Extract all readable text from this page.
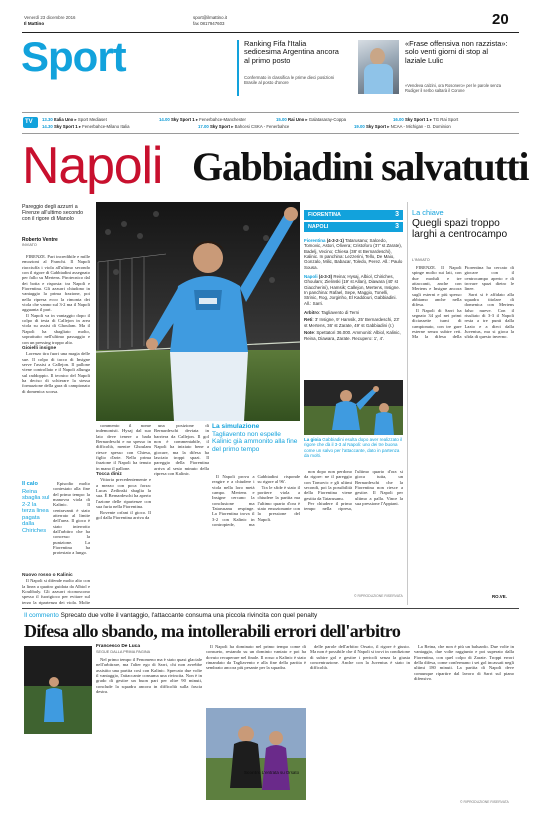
Venerdì 23 dicembre 2016
Il Mattino
sport@ilmattino.it
fax 0817947603	20
Sport	Ranking Fifa l'Italia sedicesima Argentina ancora al primo posto
Confermato in classifica le prime dieci posizioni Brasile al posto d'onore
«Frase offensiva non razzista»: solo venti giorni di stop al laziale Lulic
«Vendeva calzini, ora Rosonero» per le parole senza Rudiger il serbo saltarà il Corone
TV 13.30 Italia Uno ▸ Sport Mediaset	14.00 Sky Sport 1 ▸ Fenerbahce-Manchester	15.00 Rai Uno ▸ Galatasaray-Coppa	16.00 Sky Sport 1 ▸ TG Rai Sport
14.30 Sky Sport 1 ▸ Fenerbahce-Milano Italia	17.00 Sky Sport ▸ Bahcesi CSKA - Fenerbahce	19.00 Sky Sport ▸ NCAA - Michigan - D. Dominion
Napoli Gabbiadini salvatutti
Pareggio degli azzurri a Firenze all'ultimo secondo con il rigore di Manolo
Roberto Ventre
INVIATO

FIRENZE. Pari incredibile e mille emozioni al Franchi. Il Napoli riacciuffa i viola all'ultimo secondo con il rigore di Gabbiadini assegnato per fallo su Mertens. Pirotecnico dal dei botta e risposta: tra Napoli e Fiorentina. Gli azzurri chiudono in vantaggio la prima frazione, poi nella ripresa ecco la rimonta dei viola che vanno sul 3-2 ma il Napoli agguanta il pari.

Il Napoli va in vantaggio dopo il colpo di testa di Callejon in area viola su assist di Ghoulam. Ma il Napoli ha sbagliato molto, soprattutto nell'ultimo passaggio e con un pressing troppo alto.

Gioielli insigne

Lorenzo tira fuori una magia delle sue. Il colpo di tacco di Insigne serve l'assist a Callejon. Il pallone viene controllato e il Napoli allunga sul raddoppio. Il tecnico del Napoli ha deciso di schierare la stessa formazione della gara di campionato di domenica scorsa.

Il calo
Reina sbaglia sul 2-2 la terza linea pagata dalla Chiriches

Episodio molto contestato alla fine del primo tempo: la manovra viola di Kalinic. Il centravanti è stato atterrato al limite dell'area. Il gioco è stato interrotto dall'arbitro che ha concesso la punizione. La Fiorentina ha protestato a lungo.

Nuovo rosso o Kalinic

Il Napoli si difende molto alto con la linea a quattro guidata da Albiol e Koulibaly. Gli azzurri riconoscono spesso il fuorigioco per evitare sul terzo la ripartenza dei viola. Molte

La simulazione
Tagliavento non espelle Kalinic già ammonito alla fine del primo tempo

commento il nome indemonisti. Hysaj dal suo lato deve tenere a bada Bernardeschi e no spesso in difficoltà, mentre Ghoulam riesce spesso con Chiesa, figlio d'arte. Nella prima frazione il Napoli ha tenuto in mano il pallone.

Tocca diniz

Vittoria precedentemente e a mezzo con poca forza: Lucas Zeilinski sbaglia la sua. È Bernardeschi ha aperto l'azione delle ripartenze con sua furia nella Fiorentina.

Rovente orfani il gioco. Il gol dalla Fiorentina arriva da

una posizione di Bernardeschi deviata in barriera da Callejon. Il gol non è commentabile, il Napoli ha iniziato bene a giocare, ma la difesa ha lasciato troppi spazi. Il pareggio della Fiorentina arriva al sesto minuto della ripresa con Kalinic.

Il Napoli prova a reagire e a chiudere i viola nella loro metà campo. Mertens e Insigne cercano la conclusione ma Tatarusanu respinge. La Fiorentina trova il 3-2 con Kalinic in contropiede, ma Gabbiadini risponde su rigore al 96'.

Tra le sfide è stato il portiere viola a chiudere la partita ma l'ultimo quarto d'ora è stato emozionante con la pressione del Napoli.

FIORENTINA	3
NAPOLI	3
Fiorentina (4-3-2-1) Tatarusanu; Salcedo, Tomovic, Astori, Olivera; Cristoforo (37' st Zarate), Badelj, Vecino; Chiesa (38' st Bernardeschi), Kalinic. In panchina: Lezzerini, Tello, De Maio, Gonzalo, Milic, Babacar, Toledo, Perez. All.: Paulo Sousa.
Napoli (4-3-3) Reina; Hysaj, Albiol, Chiriches, Ghoulam; Zielinski (19' st Allan), Diawara (40' st Giaccherini), Hamsik; Callejon, Mertens, Insigne. In panchina: Rafael, Sepe, Maggio, Tonelli, Strinic, Rog, Jorginho, El Kaddouri, Gabbiadini. All.: Sarri.
Arbitro: Tagliavento di Terni
Reti: 3' Insigne, 9' Hamsik, 25' Bernardeschi, 23' st Mertens, 36' st Zarate, 49' st Gabbiadini (r.)
Note: Spettatori 36.000. Ammoniti: Albiol, Kalinic, Reina, Diawara, Zarate. Recupero: 1', 4'.
La gioia Gabbiadini esulta dopo aver realizzato il rigore che dà il 3-3 al Napoli: uno dei tre buona come un salvo per l'attaccante, dato in partenza da molti.

non dopo non perdono da rigore: ne il pareggio con Tomovic e gli ultimi secondi, poi la possibilità della Fiorentina viene gestita da Tatarusanu.

Per chiudere il primo tempo nella ripresa, l'ultimo quarto d'ora si gioca tutta, un Bernardeschi che la Fiorentina non riesce a gestire. Il Napoli per ultimo a palla. Vince la sua pressione l'Appiani.

© RIPRODUZIONE RISERVATA
La chiave
Quegli spazi troppo larghi a centrocampo
L'INVIATO

FIRENZE. Il Napoli spinge molto sui lati, con due moduli e tre attaccanti, anche con Mertens e Insigne ancora sugli esterni e più spesso abbiamo anche nella difesa.

Il Napoli di Sarri ha segnato 34 gol nei primi diciassette turni di campionato, con tre gare esterne senza subire reti. Ma la difesa della Fiorentina ha cercato di giocare con il centrocampo aperto e di trovare spazi dietro le linee.

Sarri si è affidato alla squadra titolare di domenica con Mertens falso nueve. Con il risultato di 3-3 il Napoli resta a tre punti dalla Lazio e a dieci dalla Juventus, ma si gioca la sfida di questo inverno.

RO.VE.
Il commento Sprecato due volte il vantaggio, l'attaccante consuma una piccola rivincita con quel penalty
Difesa allo sbando, ma intollerabili errori dell'arbitro
Francesco De Luca
SEGUE DALLA PRIMA PAGINA

Nel primo tempo il Fenomeno ma è stato quasi glaciale nell'arbitrare, ma l'alter ego di Sarri, chi non avrebbe assistito una partita così con Kalinic. Sprecato due volte il vantaggio, l'attaccante consuma una rivincita. Non è in grado di gestire un buon pari per oltre 90 minuti, conclude la squadra ancora in difficoltà sulla fascia destra.

Il Napoli ha dominato nel primo tempo come di consueto, restando su un dominio vantato e poi ha dovuto recuperare nel finale. Il rosso a Kalinic è stato rimandato da Tagliavento e alla fine della partita è sembrato ancora più pesante per la squadra.

Scontro L'entrata su Orsato

delle parole dell'arbitro Orsato, il rigore è giusto. Ma non è possibile che il Napoli si trovi in condizione di subire gol e gestire i pericoli senza la giusta concentrazione. Anche con la Juventus è stato in difficoltà.

La Reina, che non è più un baluardo. Due volte in vantaggio, due volte raggiunto e poi superato dalla Fiorentina, con quel colpo di Zarate. Troppi errori della difesa, come confermano i sei gol incassati negli ultimi 180 minuti. La partita di Napoli deve comunque ripartire dal lavoro di Sarri sul piano difensivo.

© RIPRODUZIONE RISERVATA
